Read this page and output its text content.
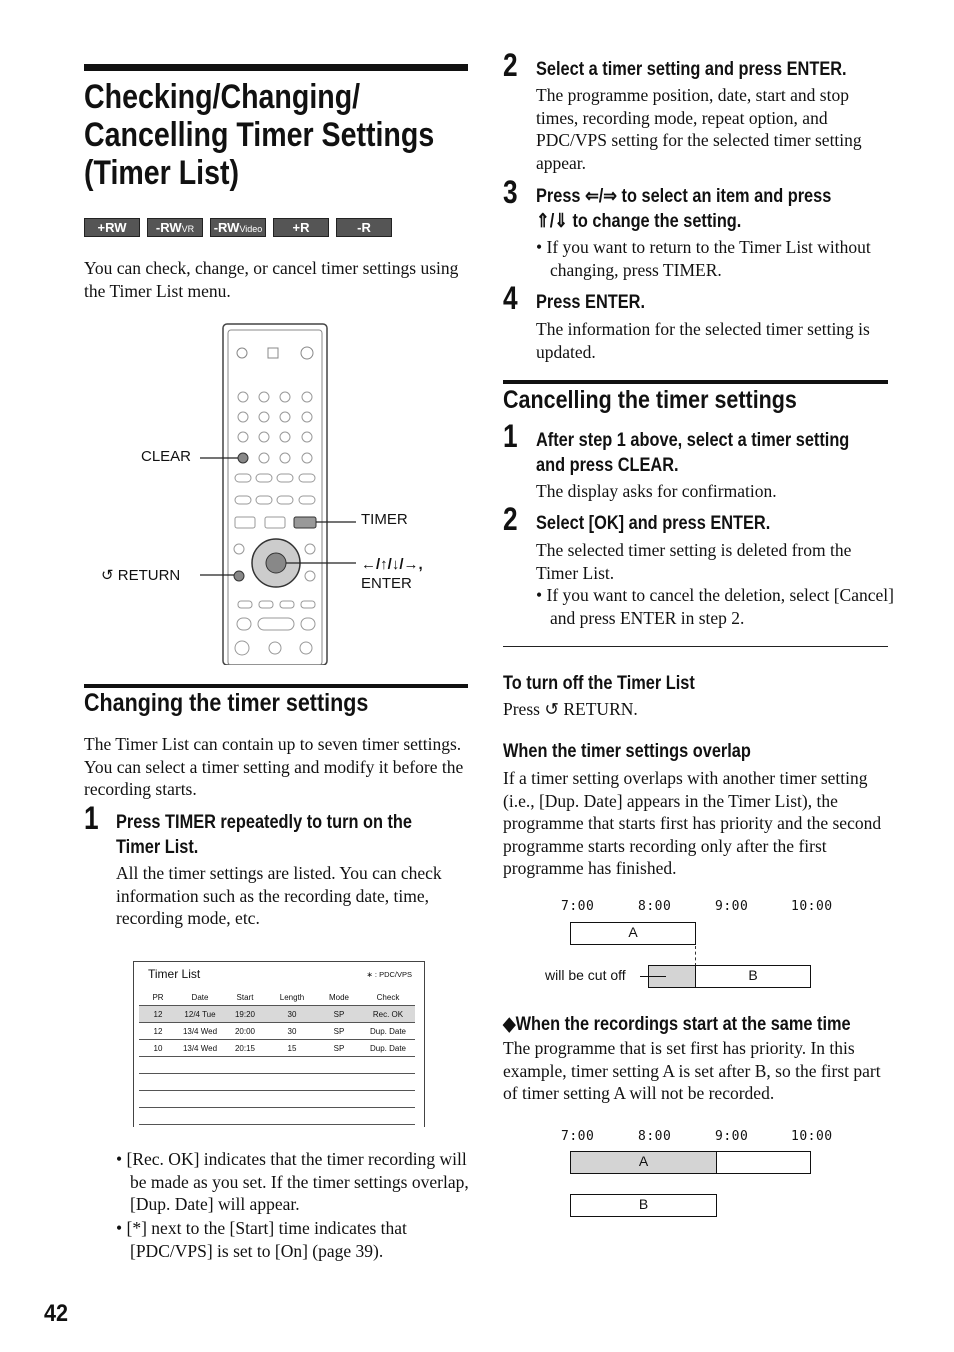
Checking/Changing/
Cancelling Timer Settings
(Timer List)
+RW	-RWVR	-RWVideo	+R	-R
You can check, change, or cancel timer settings using the Timer List menu.
CLEAR
TIMER
↺ RETURN
←/↑/↓/→,
ENTER
Changing the timer settings
The Timer List can contain up to seven timer settings. You can select a timer setting and modify it before the recording starts.
1 Press TIMER repeatedly to turn on the
Timer List.
All the timer settings are listed. You can check information such as the recording date, time, recording mode, etc.
Timer List	∗ : PDC/VPS
PR	Date	Start	Length	Mode	Check
12	12/4 Tue	19:20	30	SP	Rec. OK
12	13/4 Wed	20:00	30	SP	Dup. Date
10	13/4 Wed	20:15	15	SP	Dup. Date

• [Rec. OK] indicates that the timer recording will be made as you set. If the timer settings overlap, [Dup. Date] will appear.
• [*] next to the [Start] time indicates that [PDC/VPS] is set to [On] (page 39).
42
2 Select a timer setting and press ENTER.
The programme position, date, start and stop times, recording mode, repeat option, and PDC/VPS setting for the selected timer setting appear.
3 Press ⇐/⇒ to select an item and press
⇑/⇓ to change the setting.
• If you want to return to the Timer List without changing, press TIMER.
4 Press ENTER.
The information for the selected timer setting is updated.
Cancelling the timer settings
1 After step 1 above, select a timer setting
and press CLEAR.
The display asks for confirmation.
2 Select [OK] and press ENTER.
The selected timer setting is deleted from the Timer List.
• If you want to cancel the deletion, select [Cancel] and press ENTER in step 2.
To turn off the Timer List
Press ↺ RETURN.
When the timer settings overlap
If a timer setting overlaps with another timer setting (i.e., [Dup. Date] appears in the Timer List), the programme that starts first has priority and the second programme starts recording only after the first programme has finished.
7:00	8:00	9:00	10:00
A
B
will be cut off
◆When the recordings start at the same time
The programme that is set first has priority. In this example, timer setting A is set after B, so the first part of timer setting A will not be recorded.
7:00	8:00	9:00	10:00
A
B
